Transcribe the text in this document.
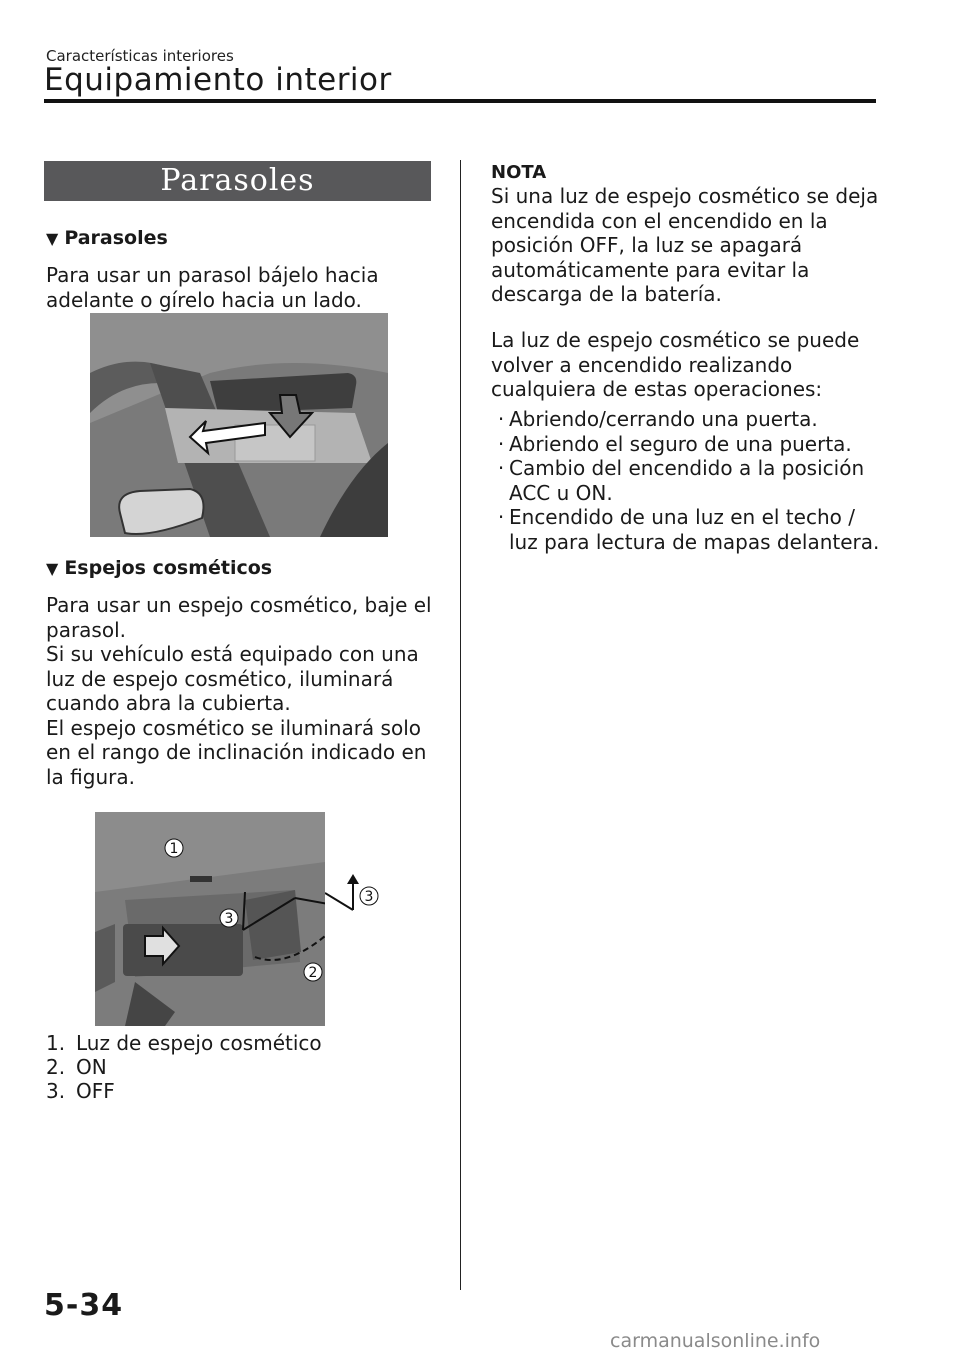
Características interiores
Equipamiento interior
Parasoles
▼ Parasoles
Para usar un parasol bájelo hacia
adelante o gírelo hacia un lado.
▼ Espejos cosméticos
Para usar un espejo cosmético, baje el
parasol.
Si su vehículo está equipado con una
luz de espejo cosmético, iluminará
cuando abra la cubierta.
El espejo cosmético se iluminará solo
en el rango de inclinación indicado en
la figura.
1
2
3
3
1. Luz de espejo cosmético
2. ON
3. OFF
NOTA
Si una luz de espejo cosmético se deja
encendida con el encendido en la
posición OFF, la luz se apagará
automáticamente para evitar la
descarga de la batería.
La luz de espejo cosmético se puede
volver a encendido realizando
cualquiera de estas operaciones:
· Abriendo/cerrando una puerta.
· Abriendo el seguro de una puerta.
· Cambio del encendido a la posición
ACC u ON.
· Encendido de una luz en el techo /
luz para lectura de mapas delantera.
5-34
carmanualsonline.info
